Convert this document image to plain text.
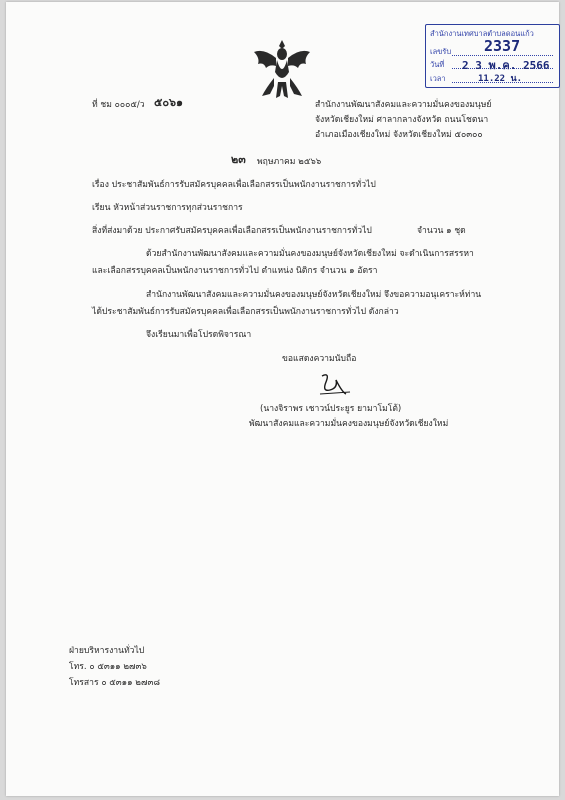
สำนักงานเทศบาลตำบลดอนแก้ว
เลขรับ 2337
วันที่ 2 3 พ.ค. 2566
เวลา	11.22 น.
ที่ ชม ๐๐๐๕/ว ๕๐๖๑	สำนักงานพัฒนาสังคมและความมั่นคงของมนุษย์
จังหวัดเชียงใหม่ ศาลากลางจังหวัด ถนนโชตนา
อำเภอเมืองเชียงใหม่ จังหวัดเชียงใหม่ ๕๐๓๐๐
๒๓ พฤษภาคม ๒๕๖๖
เรื่อง ประชาสัมพันธ์การรับสมัครบุคคลเพื่อเลือกสรรเป็นพนักงานราชการทั่วไป
เรียน หัวหน้าส่วนราชการทุกส่วนราชการ
สิ่งที่ส่งมาด้วย ประกาศรับสมัครบุคคลเพื่อเลือกสรรเป็นพนักงานราชการทั่วไป	จำนวน ๑ ชุด
ด้วยสำนักงานพัฒนาสังคมและความมั่นคงของมนุษย์จังหวัดเชียงใหม่ จะดำเนินการสรรหา
และเลือกสรรบุคคลเป็นพนักงานราชการทั่วไป ตำแหน่ง นิติกร จำนวน ๑ อัตรา
สำนักงานพัฒนาสังคมและความมั่นคงของมนุษย์จังหวัดเชียงใหม่ จึงขอความอนุเคราะห์ท่าน
ได้ประชาสัมพันธ์การรับสมัครบุคคลเพื่อเลือกสรรเป็นพนักงานราชการทั่วไป ดังกล่าว
จึงเรียนมาเพื่อโปรดพิจารณา
ขอแสดงความนับถือ
(นางจิราพร เชาวน์ประยูร ยามาโมโต้)
พัฒนาสังคมและความมั่นคงของมนุษย์จังหวัดเชียงใหม่
ฝ่ายบริหารงานทั่วไป
โทร. ๐ ๕๓๑๑ ๒๗๓๖
โทรสาร ๐ ๕๓๑๑ ๒๗๓๘
